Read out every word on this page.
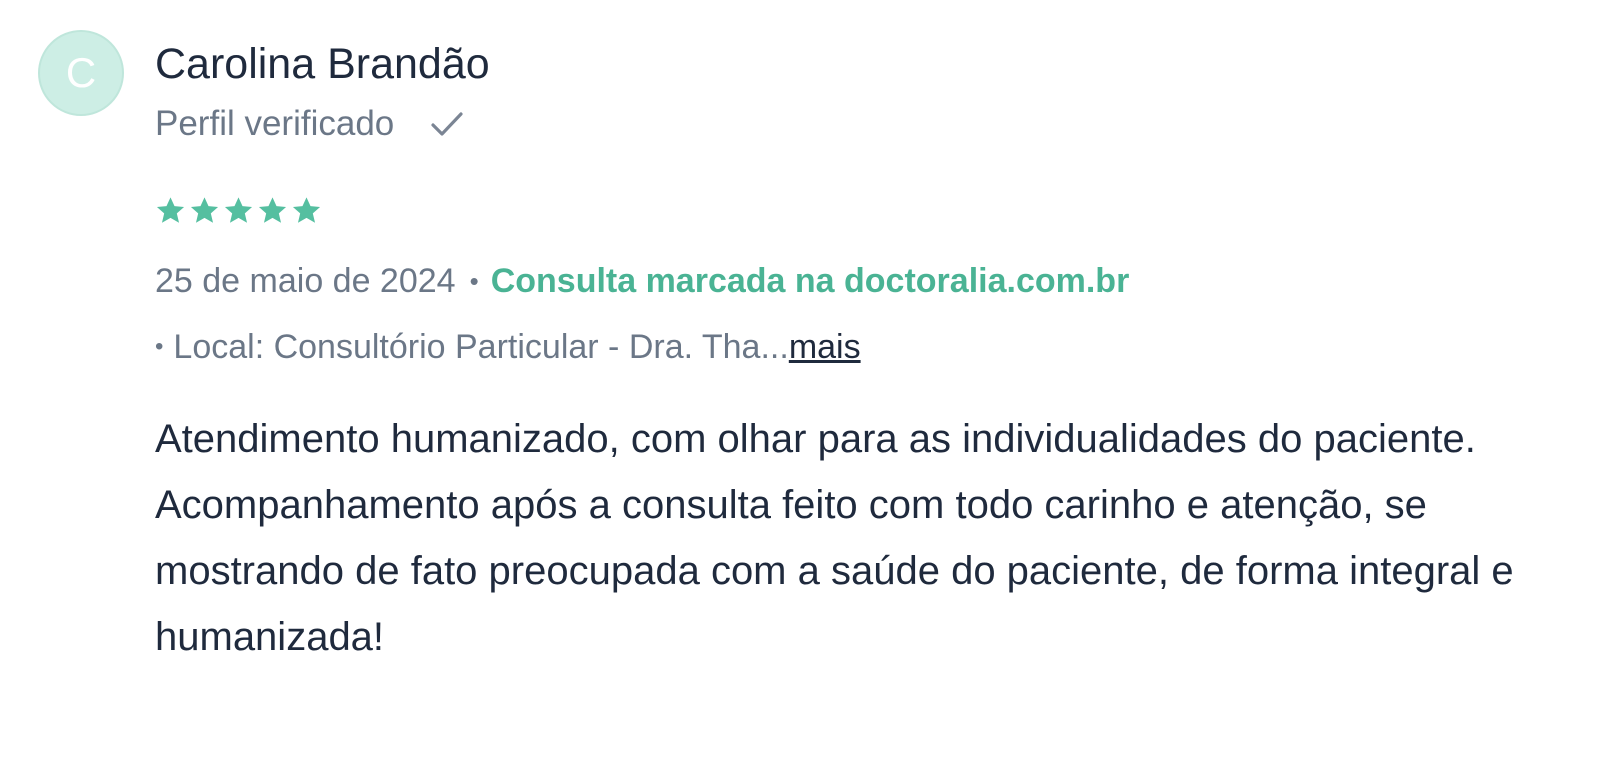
C	Carolina Brandão
Perfil verificado
25 de maio de 2024 • Consulta marcada na doctoralia.com.br
• Local: Consultório Particular - Dra. Tha... mais

Atendimento humanizado, com olhar para as individualidades do paciente.

Acompanhamento após a consulta feito com todo carinho e atenção, se mostrando de fato preocupada com a saúde do paciente, de forma integral e humanizada!
